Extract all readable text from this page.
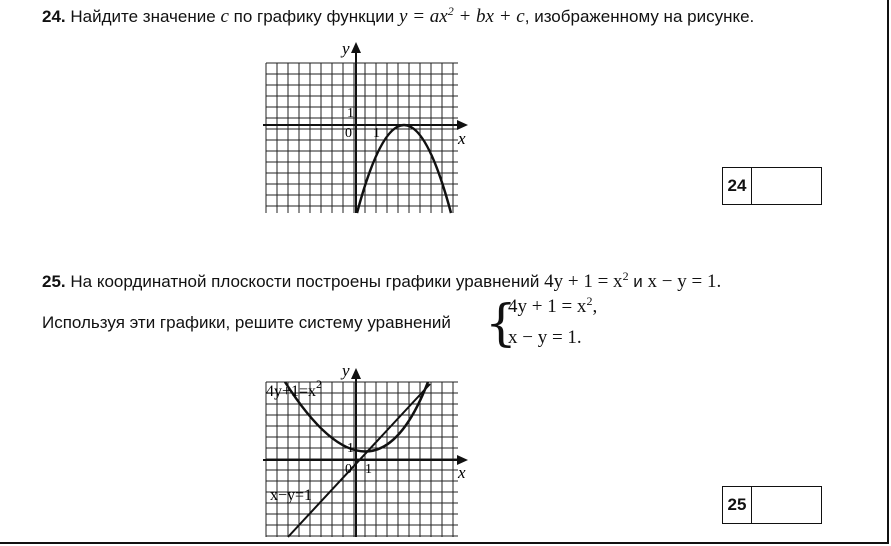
24. Найдите значение c по графику функции $y = ax^2$ + bx + c, изображенному на рисунке.
x
y
1
1
0
24
25. На координатной плоскости построены графики уравнений $4y + 1 = x^2$ и x − y = 1.
Используя эти графики, решите систему уравнений {
$4y + 1 = x^2$,
x − y = 1.
$4y+1=x^2$
x−y=1
x
y
1
1
0
25
